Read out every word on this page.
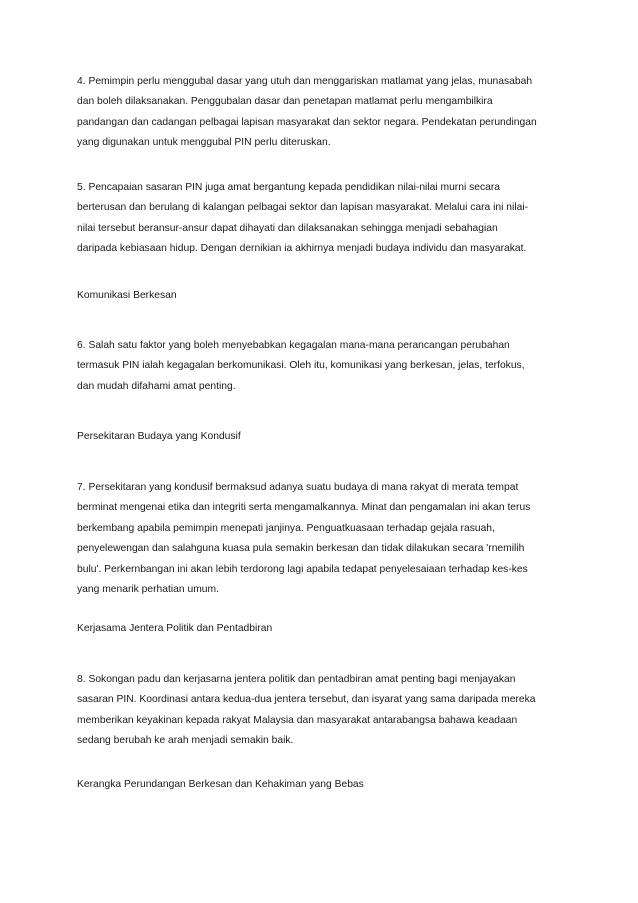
4. Pemimpin perlu menggubal dasar yang utuh dan menggariskan matlamat yang jelas, munasabah
dan boleh dilaksanakan. Penggubalan dasar dan penetapan matlamat perlu mengambilkira
pandangan dan cadangan pelbagai lapisan masyarakat dan sektor negara. Pendekatan perundingan
yang digunakan untuk menggubal PIN perlu diteruskan.

5. Pencapaian sasaran PIN juga amat bergantung kepada pendidikan nilai-nilai murni secara
berterusan dan berulang di kalangan pelbagai sektor dan lapisan masyarakat. Melalui cara ini nilai-
nilai tersebut beransur-ansur dapat dihayati dan dilaksanakan sehingga menjadi sebahagian
daripada kebiasaan hidup. Dengan dernikian ia akhirnya menjadi budaya individu dan masyarakat.

Komunikasi Berkesan

6. Salah satu faktor yang boleh menyebabkan kegagalan mana-mana perancangan perubahan
termasuk PIN ialah kegagalan berkomunikasi. Oleh itu, komunikasi yang berkesan, jelas, terfokus,
dan mudah difahami amat penting.

Persekitaran Budaya yang Kondusif

7. Persekitaran yang kondusif bermaksud adanya suatu budaya di mana rakyat di merata tempat
berminat mengenai etika dan integriti serta mengamalkannya. Minat dan pengamalan ini akan terus
berkembang apabila pemimpin menepati janjinya. Penguatkuasaan terhadap gejala rasuah,
penyelewengan dan salahguna kuasa pula semakin berkesan dan tidak dilakukan secara 'rnemilih
bulu'. Perkernbangan ini akan lebih terdorong lagi apabila tedapat penyelesaiaan terhadap kes-kes
yang menarik perhatian umum.

Kerjasama Jentera Politik dan Pentadbiran

8. Sokongan padu dan kerjasarna jentera politik dan pentadbiran amat penting bagi menjayakan
sasaran PIN. Koordinasi antara kedua-dua jentera tersebut, dan isyarat yang sama daripada mereka
memberikan keyakinan kepada rakyat Malaysia dan masyarakat antarabangsa bahawa keadaan
sedang berubah ke arah menjadi semakin baik.

Kerangka Perundangan Berkesan dan Kehakiman yang Bebas
